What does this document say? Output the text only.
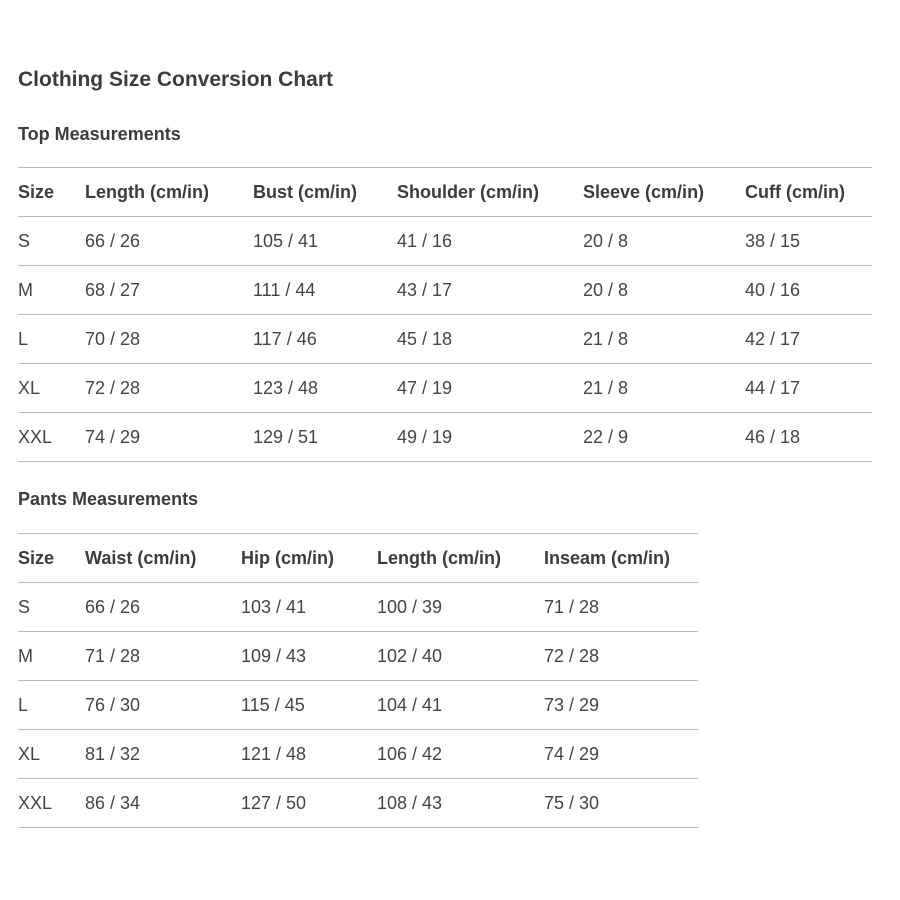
Clothing Size Conversion Chart
Top Measurements
Size	Length (cm/in)	Bust (cm/in)	Shoulder (cm/in)	Sleeve (cm/in)	Cuff (cm/in)
S	66 / 26	105 / 41	41 / 16	20 / 8	38 / 15
M	68 / 27	111 / 44	43 / 17	20 / 8	40 / 16
L	70 / 28	117 / 46	45 / 18	21 / 8	42 / 17
XL	72 / 28	123 / 48	47 / 19	21 / 8	44 / 17
XXL	74 / 29	129 / 51	49 / 19	22 / 9	46 / 18
Pants Measurements
Size	Waist (cm/in)	Hip (cm/in)	Length (cm/in)	Inseam (cm/in)
S	66 / 26	103 / 41	100 / 39	71 / 28
M	71 / 28	109 / 43	102 / 40	72 / 28
L	76 / 30	115 / 45	104 / 41	73 / 29
XL	81 / 32	121 / 48	106 / 42	74 / 29
XXL	86 / 34	127 / 50	108 / 43	75 / 30
